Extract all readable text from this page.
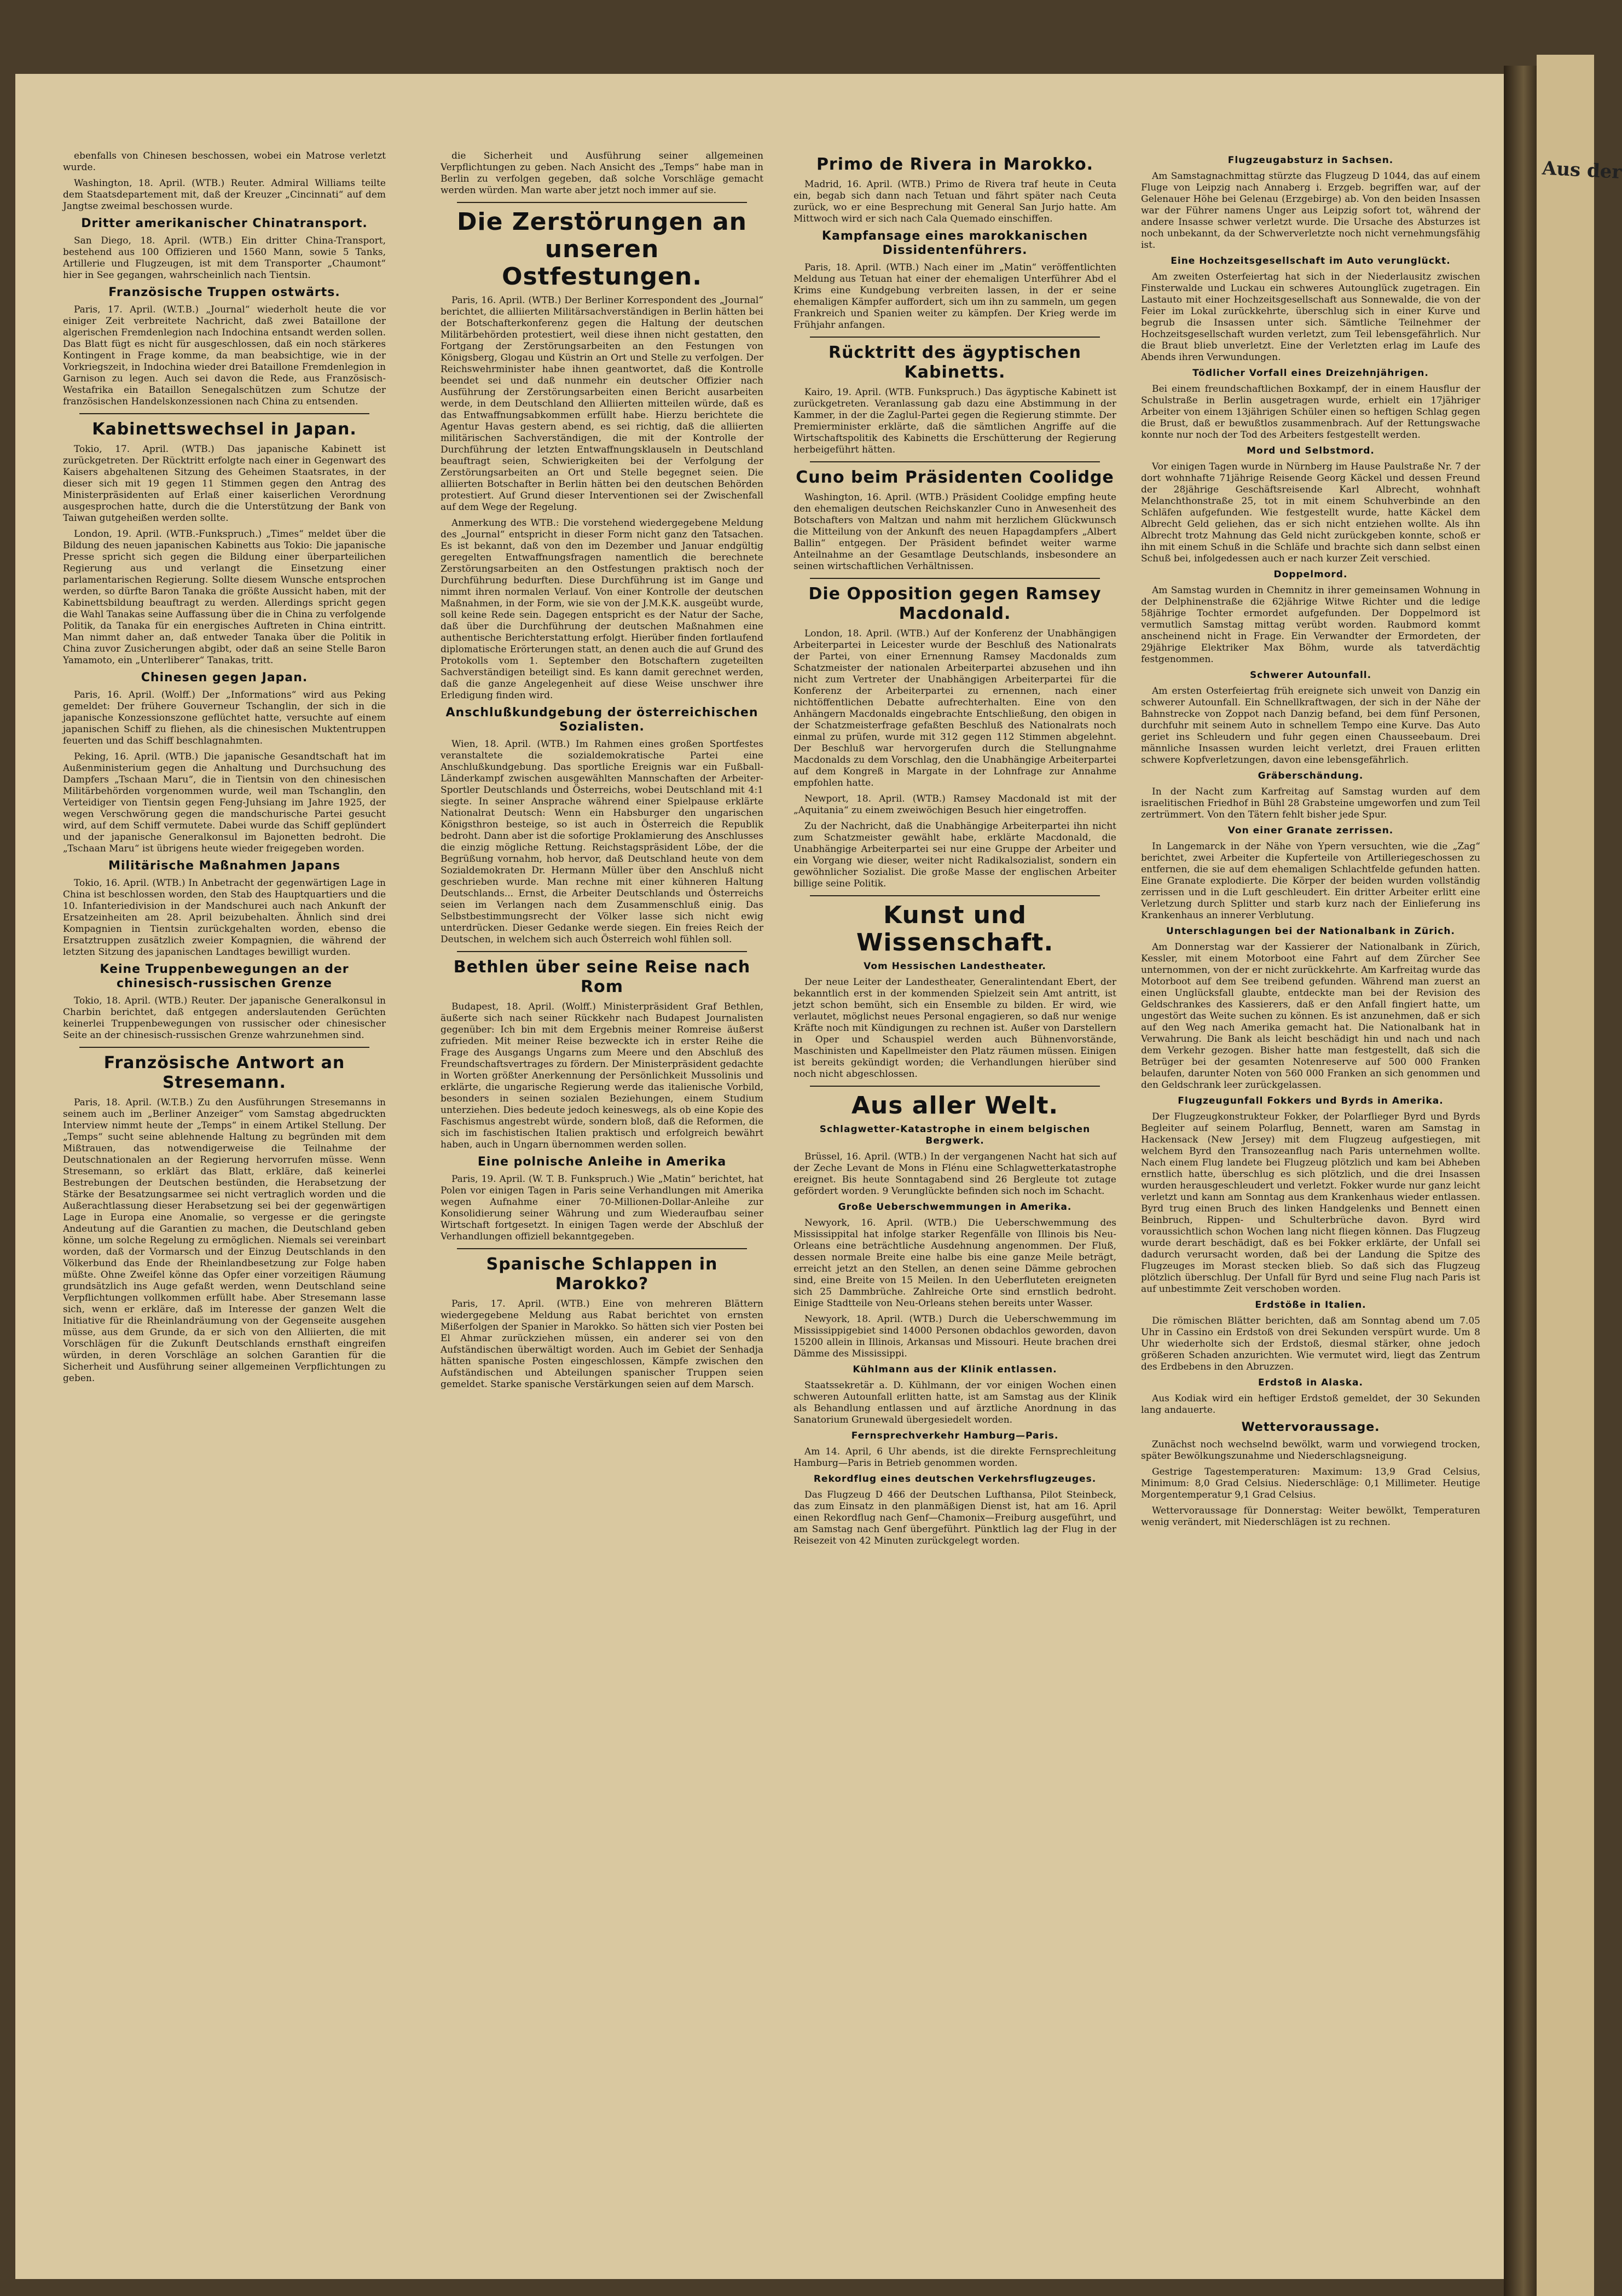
Aus der

ebenfalls von Chinesen beschossen, wobei ein Matrose verletzt wurde.

Washington, 18. April. (WTB.) Reuter. Admiral Williams teilte dem Staatsdepartement mit, daß der Kreuzer „Cincinnati“ auf dem Jangtse zweimal beschossen wurde.

Dritter amerikanischer Chinatransport.

San Diego, 18. April. (WTB.) Ein dritter China-Transport, bestehend aus 100 Offizieren und 1560 Mann, sowie 5 Tanks, Artillerie und Flugzeugen, ist mit dem Transporter „Chaumont“ hier in See gegangen, wahrscheinlich nach Tientsin.

Französische Truppen ostwärts.

Paris, 17. April. (W.T.B.) „Journal“ wiederholt heute die vor einiger Zeit verbreitete Nachricht, daß zwei Bataillone der algerischen Fremdenlegion nach Indochina entsandt werden sollen. Das Blatt fügt es nicht für ausgeschlossen, daß ein noch stärkeres Kontingent in Frage komme, da man beabsichtige, wie in der Vorkriegszeit, in Indochina wieder drei Bataillone Fremdenlegion in Garnison zu legen. Auch sei davon die Rede, aus Französisch-Westafrika ein Bataillon Senegalschützen zum Schutze der französischen Handelskonzessionen nach China zu entsenden.

Kabinettswechsel in Japan.

Tokio, 17. April. (WTB.) Das japanische Kabinett ist zurückgetreten. Der Rücktritt erfolgte nach einer in Gegenwart des Kaisers abgehaltenen Sitzung des Geheimen Staatsrates, in der dieser sich mit 19 gegen 11 Stimmen gegen den Antrag des Ministerpräsidenten auf Erlaß einer kaiserlichen Verordnung ausgesprochen hatte, durch die die Unterstützung der Bank von Taiwan gutgeheißen werden sollte.

London, 19. April. (WTB.-Funkspruch.) „Times“ meldet über die Bildung des neuen japanischen Kabinetts aus Tokio: Die japanische Presse spricht sich gegen die Bildung einer überparteilichen Regierung aus und verlangt die Einsetzung einer parlamentarischen Regierung. Sollte diesem Wunsche entsprochen werden, so dürfte Baron Tanaka die größte Aussicht haben, mit der Kabinettsbildung beauftragt zu werden. Allerdings spricht gegen die Wahl Tanakas seine Auffassung über die in China zu verfolgende Politik, da Tanaka für ein energisches Auftreten in China eintritt. Man nimmt daher an, daß entweder Tanaka über die Politik in China zuvor Zusicherungen abgibt, oder daß an seine Stelle Baron Yamamoto, ein „Unterliberer“ Tanakas, tritt.

Chinesen gegen Japan.

Paris, 16. April. (Wolff.) Der „Informations“ wird aus Peking gemeldet: Der frühere Gouverneur Tschanglin, der sich in die japanische Konzessionszone geflüchtet hatte, versuchte auf einem japanischen Schiff zu fliehen, als die chinesischen Muktentruppen feuerten und das Schiff beschlagnahmten.

Peking, 16. April. (WTB.) Die japanische Gesandtschaft hat im Außenministerium gegen die Anhaltung und Durchsuchung des Dampfers „Tschaan Maru“, die in Tientsin von den chinesischen Militärbehörden vorgenommen wurde, weil man Tschanglin, den Verteidiger von Tientsin gegen Feng-Juhsiang im Jahre 1925, der wegen Verschwörung gegen die mandschurische Partei gesucht wird, auf dem Schiff vermutete. Dabei wurde das Schiff geplündert und der japanische Generalkonsul im Bajonetten bedroht. Die „Tschaan Maru“ ist übrigens heute wieder freigegeben worden.

Militärische Maßnahmen Japans

Tokio, 16. April. (WTB.) In Anbetracht der gegenwärtigen Lage in China ist beschlossen worden, den Stab des Hauptquartiers und die 10. Infanteriedivision in der Mandschurei auch nach Ankunft der Ersatzeinheiten am 28. April beizubehalten. Ähnlich sind drei Kompagnien in Tientsin zurückgehalten worden, ebenso die Ersatztruppen zusätzlich zweier Kompagnien, die während der letzten Sitzung des japanischen Landtages bewilligt wurden.

Keine Truppenbewegungen an der chinesisch-russischen Grenze

Tokio, 18. April. (WTB.) Reuter. Der japanische Generalkonsul in Charbin berichtet, daß entgegen anderslautenden Gerüchten keinerlei Truppenbewegungen von russischer oder chinesischer Seite an der chinesisch-russischen Grenze wahrzunehmen sind.

Französische Antwort an Stresemann.

Paris, 18. April. (W.T.B.) Zu den Ausführungen Stresemanns in seinem auch im „Berliner Anzeiger“ vom Samstag abgedruckten Interview nimmt heute der „Temps“ in einem Artikel Stellung. Der „Temps“ sucht seine ablehnende Haltung zu begründen mit dem Mißtrauen, das notwendigerweise die Teilnahme der Deutschnationalen an der Regierung hervorrufen müsse. Wenn Stresemann, so erklärt das Blatt, erkläre, daß keinerlei Bestrebungen der Deutschen bestünden, die Herabsetzung der Stärke der Besatzungsarmee sei nicht vertraglich worden und die Außerachtlassung dieser Herabsetzung sei bei der gegenwärtigen Lage in Europa eine Anomalie, so vergesse er die geringste Andeutung auf die Garantien zu machen, die Deutschland geben könne, um solche Regelung zu ermöglichen. Niemals sei vereinbart worden, daß der Vormarsch und der Einzug Deutschlands in den Völkerbund das Ende der Rheinlandbesetzung zur Folge haben müßte. Ohne Zweifel könne das Opfer einer vorzeitigen Räumung grundsätzlich ins Auge gefaßt werden, wenn Deutschland seine Verpflichtungen vollkommen erfüllt habe. Aber Stresemann lasse sich, wenn er erkläre, daß im Interesse der ganzen Welt die Initiative für die Rheinlandräumung von der Gegenseite ausgehen müsse, aus dem Grunde, da er sich von den Alliierten, die mit Vorschlägen für die Zukunft Deutschlands ernsthaft eingreifen würden, in deren Vorschläge an solchen Garantien für die Sicherheit und Ausführung seiner allgemeinen Verpflichtungen zu geben.

die Sicherheit und Ausführung seiner allgemeinen Verpflichtungen zu geben. Nach Ansicht des „Temps“ habe man in Berlin zu verfolgen gegeben, daß solche Vorschläge gemacht werden würden. Man warte aber jetzt noch immer auf sie.

Die Zerstörungen an unseren Ostfestungen.

Paris, 16. April. (WTB.) Der Berliner Korrespondent des „Journal“ berichtet, die alliierten Militärsachverständigen in Berlin hätten bei der Botschafterkonferenz gegen die Haltung der deutschen Militärbehörden protestiert, weil diese ihnen nicht gestatten, den Fortgang der Zerstörungsarbeiten an den Festungen von Königsberg, Glogau und Küstrin an Ort und Stelle zu verfolgen. Der Reichswehrminister habe ihnen geantwortet, daß die Kontrolle beendet sei und daß nunmehr ein deutscher Offizier nach Ausführung der Zerstörungsarbeiten einen Bericht ausarbeiten werde, in dem Deutschland den Alliierten mitteilen würde, daß es das Entwaffnungsabkommen erfüllt habe. Hierzu berichtete die Agentur Havas gestern abend, es sei richtig, daß die alliierten militärischen Sachverständigen, die mit der Kontrolle der Durchführung der letzten Entwaffnungsklauseln in Deutschland beauftragt seien, Schwierigkeiten bei der Verfolgung der Zerstörungsarbeiten an Ort und Stelle begegnet seien. Die alliierten Botschafter in Berlin hätten bei den deutschen Behörden protestiert. Auf Grund dieser Interventionen sei der Zwischenfall auf dem Wege der Regelung.

Anmerkung des WTB.: Die vorstehend wiedergegebene Meldung des „Journal“ entspricht in dieser Form nicht ganz den Tatsachen. Es ist bekannt, daß von den im Dezember und Januar endgültig geregelten Entwaffnungsfragen namentlich die berechnete Zerstörungsarbeiten an den Ostfestungen praktisch noch der Durchführung bedurften. Diese Durchführung ist im Gange und nimmt ihren normalen Verlauf. Von einer Kontrolle der deutschen Maßnahmen, in der Form, wie sie von der J.M.K.K. ausgeübt wurde, soll keine Rede sein. Dagegen entspricht es der Natur der Sache, daß über die Durchführung der deutschen Maßnahmen eine authentische Berichterstattung erfolgt. Hierüber finden fortlaufend diplomatische Erörterungen statt, an denen auch die auf Grund des Protokolls vom 1. September den Botschaftern zugeteilten Sachverständigen beteiligt sind. Es kann damit gerechnet werden, daß die ganze Angelegenheit auf diese Weise unschwer ihre Erledigung finden wird.

Anschlußkundgebung der österreichischen Sozialisten.

Wien, 18. April. (WTB.) Im Rahmen eines großen Sportfestes veranstaltete die sozialdemokratische Partei eine Anschlußkundgebung. Das sportliche Ereignis war ein Fußball-Länderkampf zwischen ausgewählten Mannschaften der Arbeiter-Sportler Deutschlands und Österreichs, wobei Deutschland mit 4:1 siegte. In seiner Ansprache während einer Spielpause erklärte Nationalrat Deutsch: Wenn ein Habsburger den ungarischen Königsthron besteige, so ist auch in Österreich die Republik bedroht. Dann aber ist die sofortige Proklamierung des Anschlusses die einzig mögliche Rettung. Reichstagspräsident Löbe, der die Begrüßung vornahm, hob hervor, daß Deutschland heute von dem Sozialdemokraten Dr. Hermann Müller über den Anschluß nicht geschrieben wurde. Man rechne mit einer kühneren Haltung Deutschlands... Ernst, die Arbeiter Deutschlands und Österreichs seien im Verlangen nach dem Zusammenschluß einig. Das Selbstbestimmungsrecht der Völker lasse sich nicht ewig unterdrücken. Dieser Gedanke werde siegen. Ein freies Reich der Deutschen, in welchem sich auch Österreich wohl fühlen soll.

Bethlen über seine Reise nach Rom

Budapest, 18. April. (Wolff.) Ministerpräsident Graf Bethlen, äußerte sich nach seiner Rückkehr nach Budapest Journalisten gegenüber: Ich bin mit dem Ergebnis meiner Romreise äußerst zufrieden. Mit meiner Reise bezweckte ich in erster Reihe die Frage des Ausgangs Ungarns zum Meere und den Abschluß des Freundschaftsvertrages zu fördern. Der Ministerpräsident gedachte in Worten größter Anerkennung der Persönlichkeit Mussolinis und erklärte, die ungarische Regierung werde das italienische Vorbild, besonders in seinen sozialen Beziehungen, einem Studium unterziehen. Dies bedeute jedoch keineswegs, als ob eine Kopie des Faschismus angestrebt würde, sondern bloß, daß die Reformen, die sich im faschistischen Italien praktisch und erfolgreich bewährt haben, auch in Ungarn übernommen werden sollen.

Eine polnische Anleihe in Amerika

Paris, 19. April. (W. T. B. Funkspruch.) Wie „Matin“ berichtet, hat Polen vor einigen Tagen in Paris seine Verhandlungen mit Amerika wegen Aufnahme einer 70-Millionen-Dollar-Anleihe zur Konsolidierung seiner Währung und zum Wiederaufbau seiner Wirtschaft fortgesetzt. In einigen Tagen werde der Abschluß der Verhandlungen offiziell bekanntgegeben.

Spanische Schlappen in Marokko?

Paris, 17. April. (WTB.) Eine von mehreren Blättern wiedergegebene Meldung aus Rabat berichtet von ernsten Mißerfolgen der Spanier in Marokko. So hätten sich vier Posten bei El Ahmar zurückziehen müssen, ein anderer sei von den Aufständischen überwältigt worden. Auch im Gebiet der Senhadja hätten spanische Posten eingeschlossen, Kämpfe zwischen den Aufständischen und Abteilungen spanischer Truppen seien gemeldet. Starke spanische Verstärkungen seien auf dem Marsch.

Primo de Rivera in Marokko.

Madrid, 16. April. (WTB.) Primo de Rivera traf heute in Ceuta ein, begab sich dann nach Tetuan und fährt später nach Ceuta zurück, wo er eine Besprechung mit General San Jurjo hatte. Am Mittwoch wird er sich nach Cala Quemado einschiffen.

Kampfansage eines marokkanischen Dissidentenführers.

Paris, 18. April. (WTB.) Nach einer im „Matin“ veröffentlichten Meldung aus Tetuan hat einer der ehemaligen Unterführer Abd el Krims eine Kundgebung verbreiten lassen, in der er seine ehemaligen Kämpfer auffordert, sich um ihn zu sammeln, um gegen Frankreich und Spanien weiter zu kämpfen. Der Krieg werde im Frühjahr anfangen.

Rücktritt des ägyptischen Kabinetts.

Kairo, 19. April. (WTB. Funkspruch.) Das ägyptische Kabinett ist zurückgetreten. Veranlassung gab dazu eine Abstimmung in der Kammer, in der die Zaglul-Partei gegen die Regierung stimmte. Der Premierminister erklärte, daß die sämtlichen Angriffe auf die Wirtschaftspolitik des Kabinetts die Erschütterung der Regierung herbeigeführt hätten.

Cuno beim Präsidenten Coolidge

Washington, 16. April. (WTB.) Präsident Coolidge empfing heute den ehemaligen deutschen Reichskanzler Cuno in Anwesenheit des Botschafters von Maltzan und nahm mit herzlichem Glückwunsch die Mitteilung von der Ankunft des neuen Hapagdampfers „Albert Ballin“ entgegen. Der Präsident befindet weiter warme Anteilnahme an der Gesamtlage Deutschlands, insbesondere an seinen wirtschaftlichen Verhältnissen.

Die Opposition gegen Ramsey Macdonald.

London, 18. April. (WTB.) Auf der Konferenz der Unabhängigen Arbeiterpartei in Leicester wurde der Beschluß des Nationalrats der Partei, von einer Ernennung Ramsey Macdonalds zum Schatzmeister der nationalen Arbeiterpartei abzusehen und ihn nicht zum Vertreter der Unabhängigen Arbeiterpartei für die Konferenz der Arbeiterpartei zu ernennen, nach einer nichtöffentlichen Debatte aufrechterhalten. Eine von den Anhängern Macdonalds eingebrachte Entschließung, den obigen in der Schatzmeisterfrage gefaßten Beschluß des Nationalrats noch einmal zu prüfen, wurde mit 312 gegen 112 Stimmen abgelehnt. Der Beschluß war hervorgerufen durch die Stellungnahme Macdonalds zu dem Vorschlag, den die Unabhängige Arbeiterpartei auf dem Kongreß in Margate in der Lohnfrage zur Annahme empfohlen hatte.

Newport, 18. April. (WTB.) Ramsey Macdonald ist mit der „Aquitania“ zu einem zweiwöchigen Besuch hier eingetroffen.

Zu der Nachricht, daß die Unabhängige Arbeiterpartei ihn nicht zum Schatzmeister gewählt habe, erklärte Macdonald, die Unabhängige Arbeiterpartei sei nur eine Gruppe der Arbeiter und ein Vorgang wie dieser, weiter nicht Radikalsozialist, sondern ein gewöhnlicher Sozialist. Die große Masse der englischen Arbeiter billige seine Politik.

Kunst und Wissenschaft.
Vom Hessischen Landestheater.

Der neue Leiter der Landestheater, Generalintendant Ebert, der bekanntlich erst in der kommenden Spielzeit sein Amt antritt, ist jetzt schon bemüht, sich ein Ensemble zu bilden. Er wird, wie verlautet, möglichst neues Personal engagieren, so daß nur wenige Kräfte noch mit Kündigungen zu rechnen ist. Außer von Darstellern in Oper und Schauspiel werden auch Bühnenvorstände, Maschinisten und Kapellmeister den Platz räumen müssen. Einigen ist bereits gekündigt worden; die Verhandlungen hierüber sind noch nicht abgeschlossen.

Aus aller Welt.
Schlagwetter-Katastrophe in einem belgischen Bergwerk.

Brüssel, 16. April. (WTB.) In der vergangenen Nacht hat sich auf der Zeche Levant de Mons in Flénu eine Schlagwetterkatastrophe ereignet. Bis heute Sonntagabend sind 26 Bergleute tot zutage gefördert worden. 9 Verunglückte befinden sich noch im Schacht.

Große Ueberschwemmungen in Amerika.

Newyork, 16. April. (WTB.) Die Ueberschwemmung des Mississippital hat infolge starker Regenfälle von Illinois bis Neu-Orleans eine beträchtliche Ausdehnung angenommen. Der Fluß, dessen normale Breite eine halbe bis eine ganze Meile beträgt, erreicht jetzt an den Stellen, an denen seine Dämme gebrochen sind, eine Breite von 15 Meilen. In den Ueberfluteten ereigneten sich 25 Dammbrüche. Zahlreiche Orte sind ernstlich bedroht. Einige Stadtteile von Neu-Orleans stehen bereits unter Wasser.

Newyork, 18. April. (WTB.) Durch die Ueberschwemmung im Mississippigebiet sind 14000 Personen obdachlos geworden, davon 15200 allein in Illinois, Arkansas und Missouri. Heute brachen drei Dämme des Mississippi.

Kühlmann aus der Klinik entlassen.

Staatssekretär a. D. Kühlmann, der vor einigen Wochen einen schweren Autounfall erlitten hatte, ist am Samstag aus der Klinik als Behandlung entlassen und auf ärztliche Anordnung in das Sanatorium Grunewald übergesiedelt worden.

Fernsprechverkehr Hamburg—Paris.

Am 14. April, 6 Uhr abends, ist die direkte Fernsprechleitung Hamburg—Paris in Betrieb genommen worden.

Rekordflug eines deutschen Verkehrsflugzeuges.

Das Flugzeug D 466 der Deutschen Lufthansa, Pilot Steinbeck, das zum Einsatz in den planmäßigen Dienst ist, hat am 16. April einen Rekordflug nach Genf—Chamonix—Freiburg ausgeführt, und am Samstag nach Genf übergeführt. Pünktlich lag der Flug in der Reisezeit von 42 Minuten zurückgelegt worden.

Flugzeugabsturz in Sachsen.

Am Samstagnachmittag stürzte das Flugzeug D 1044, das auf einem Fluge von Leipzig nach Annaberg i. Erzgeb. begriffen war, auf der Gelenauer Höhe bei Gelenau (Erzgebirge) ab. Von den beiden Insassen war der Führer namens Unger aus Leipzig sofort tot, während der andere Insasse schwer verletzt wurde. Die Ursache des Absturzes ist noch unbekannt, da der Schwerverletzte noch nicht vernehmungsfähig ist.

Eine Hochzeitsgesellschaft im Auto verunglückt.

Am zweiten Osterfeiertag hat sich in der Niederlausitz zwischen Finsterwalde und Luckau ein schweres Autounglück zugetragen. Ein Lastauto mit einer Hochzeitsgesellschaft aus Sonnewalde, die von der Feier im Lokal zurückkehrte, überschlug sich in einer Kurve und begrub die Insassen unter sich. Sämtliche Teilnehmer der Hochzeitsgesellschaft wurden verletzt, zum Teil lebensgefährlich. Nur die Braut blieb unverletzt. Eine der Verletzten erlag im Laufe des Abends ihren Verwundungen.

Tödlicher Vorfall eines Dreizehnjährigen.

Bei einem freundschaftlichen Boxkampf, der in einem Hausflur der Schulstraße in Berlin ausgetragen wurde, erhielt ein 17jähriger Arbeiter von einem 13jährigen Schüler einen so heftigen Schlag gegen die Brust, daß er bewußtlos zusammenbrach. Auf der Rettungswache konnte nur noch der Tod des Arbeiters festgestellt werden.

Mord und Selbstmord.

Vor einigen Tagen wurde in Nürnberg im Hause Paulstraße Nr. 7 der dort wohnhafte 71jährige Reisende Georg Käckel und dessen Freund der 28jährige Geschäftsreisende Karl Albrecht, wohnhaft Melanchthonstraße 25, tot in mit einem Schuhverbinde an den Schläfen aufgefunden. Wie festgestellt wurde, hatte Käckel dem Albrecht Geld geliehen, das er sich nicht entziehen wollte. Als ihn Albrecht trotz Mahnung das Geld nicht zurückgeben konnte, schoß er ihn mit einem Schuß in die Schläfe und brachte sich dann selbst einen Schuß bei, infolgedessen auch er nach kurzer Zeit verschied.

Doppelmord.

Am Samstag wurden in Chemnitz in ihrer gemeinsamen Wohnung in der Delphinenstraße die 62jährige Witwe Richter und die ledige 58jährige Tochter ermordet aufgefunden. Der Doppelmord ist vermutlich Samstag mittag verübt worden. Raubmord kommt anscheinend nicht in Frage. Ein Verwandter der Ermordeten, der 29jährige Elektriker Max Böhm, wurde als tatverdächtig festgenommen.

Schwerer Autounfall.

Am ersten Osterfeiertag früh ereignete sich unweit von Danzig ein schwerer Autounfall. Ein Schnellkraftwagen, der sich in der Nähe der Bahnstrecke von Zoppot nach Danzig befand, bei dem fünf Personen, durchfuhr mit seinem Auto in schnellem Tempo eine Kurve. Das Auto geriet ins Schleudern und fuhr gegen einen Chausseebaum. Drei männliche Insassen wurden leicht verletzt, drei Frauen erlitten schwere Kopfverletzungen, davon eine lebensgefährlich.

Gräberschändung.

In der Nacht zum Karfreitag auf Samstag wurden auf dem israelitischen Friedhof in Bühl 28 Grabsteine umgeworfen und zum Teil zertrümmert. Von den Tätern fehlt bisher jede Spur.

Von einer Granate zerrissen.

In Langemarck in der Nähe von Ypern versuchten, wie die „Zag“ berichtet, zwei Arbeiter die Kupferteile von Artilleriegeschossen zu entfernen, die sie auf dem ehemaligen Schlachtfelde gefunden hatten. Eine Granate explodierte. Die Körper der beiden wurden vollständig zerrissen und in die Luft geschleudert. Ein dritter Arbeiter erlitt eine Verletzung durch Splitter und starb kurz nach der Einlieferung ins Krankenhaus an innerer Verblutung.

Unterschlagungen bei der Nationalbank in Zürich.

Am Donnerstag war der Kassierer der Nationalbank in Zürich, Kessler, mit einem Motorboot eine Fahrt auf dem Zürcher See unternommen, von der er nicht zurückkehrte. Am Karfreitag wurde das Motorboot auf dem See treibend gefunden. Während man zuerst an einen Unglücksfall glaubte, entdeckte man bei der Revision des Geldschrankes des Kassierers, daß er den Anfall fingiert hatte, um ungestört das Weite suchen zu können. Es ist anzunehmen, daß er sich auf den Weg nach Amerika gemacht hat. Die Nationalbank hat in Verwahrung. Die Bank als leicht beschädigt hin und nach und nach dem Verkehr gezogen. Bisher hatte man festgestellt, daß sich die Betrüger bei der gesamten Notenreserve auf 500 000 Franken belaufen, darunter Noten von 560 000 Franken an sich genommen und den Geldschrank leer zurückgelassen.

Flugzeugunfall Fokkers und Byrds in Amerika.

Der Flugzeugkonstrukteur Fokker, der Polarflieger Byrd und Byrds Begleiter auf seinem Polarflug, Bennett, waren am Samstag in Hackensack (New Jersey) mit dem Flugzeug aufgestiegen, mit welchem Byrd den Transozeanflug nach Paris unternehmen wollte. Nach einem Flug landete bei Flugzeug plötzlich und kam bei Abheben ernstlich hatte, überschlug es sich plötzlich, und die drei Insassen wurden herausgeschleudert und verletzt. Fokker wurde nur ganz leicht verletzt und kann am Sonntag aus dem Krankenhaus wieder entlassen. Byrd trug einen Bruch des linken Handgelenks und Bennett einen Beinbruch, Rippen- und Schulterbrüche davon. Byrd wird voraussichtlich schon Wochen lang nicht fliegen können. Das Flugzeug wurde derart beschädigt, daß es bei Fokker erklärte, der Unfall sei dadurch verursacht worden, daß bei der Landung die Spitze des Flugzeuges im Morast stecken blieb. So daß sich das Flugzeug plötzlich überschlug. Der Unfall für Byrd und seine Flug nach Paris ist auf unbestimmte Zeit verschoben worden.

Erdstöße in Italien.

Die römischen Blätter berichten, daß am Sonntag abend um 7.05 Uhr in Cassino ein Erdstoß von drei Sekunden verspürt wurde. Um 8 Uhr wiederholte sich der Erdstoß, diesmal stärker, ohne jedoch größeren Schaden anzurichten. Wie vermutet wird, liegt das Zentrum des Erdbebens in den Abruzzen.

Erdstoß in Alaska.

Aus Kodiak wird ein heftiger Erdstoß gemeldet, der 30 Sekunden lang andauerte.

Wettervoraussage.

Zunächst noch wechselnd bewölkt, warm und vorwiegend trocken, später Bewölkungszunahme und Niederschlagsneigung.

Gestrige Tagestemperaturen: Maximum: 13,9 Grad Celsius, Minimum: 8,0 Grad Celsius. Niederschläge: 0,1 Millimeter. Heutige Morgentemperatur 9,1 Grad Celsius.

Wettervoraussage für Donnerstag: Weiter bewölkt, Temperaturen wenig verändert, mit Niederschlägen ist zu rechnen.
